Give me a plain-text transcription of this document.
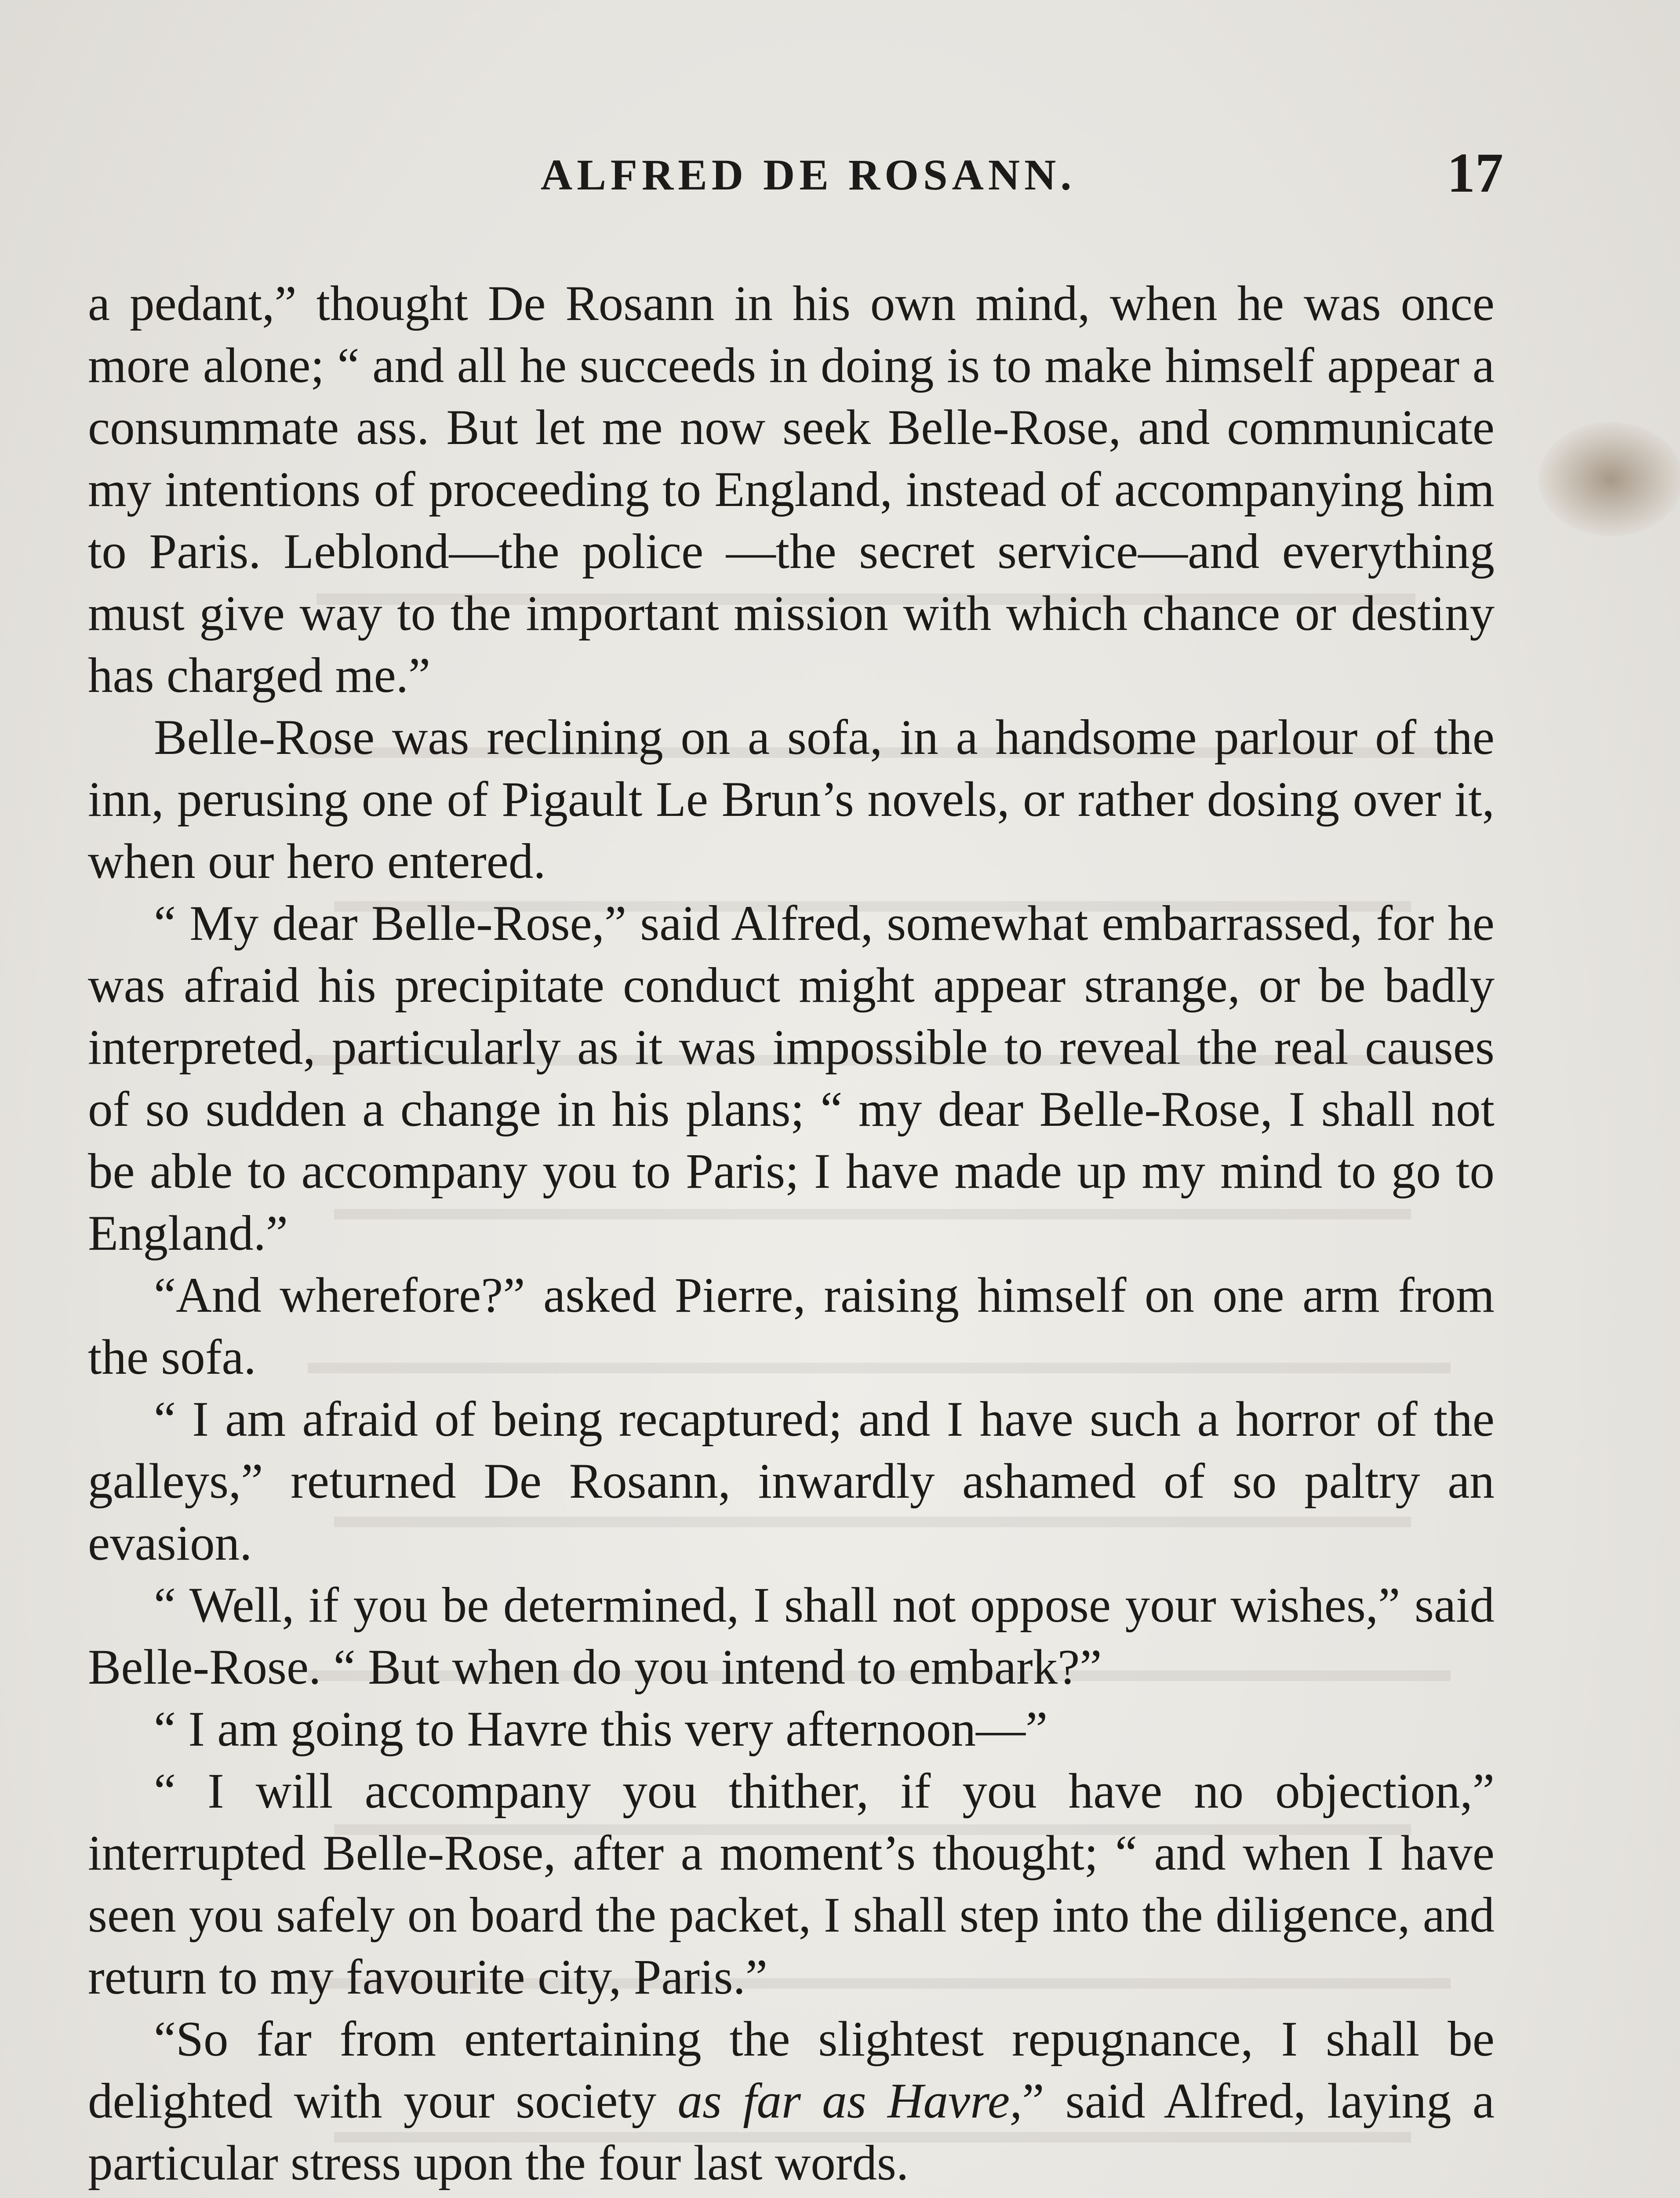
ALFRED DE ROSANN.	17

a pedant,” thought De Rosann in his own mind, when he was once more alone; “ and all he succeeds in doing is to make himself appear a consummate ass. But let me now seek Belle-Rose, and communicate my intentions of proceeding to England, instead of accompanying him to Paris. Leblond—the police —the secret service—and everything must give way to the important mission with which chance or destiny has charged me.”

Belle-Rose was reclining on a sofa, in a handsome parlour of the inn, perusing one of Pigault Le Brun’s novels, or rather dosing over it, when our hero entered.

“ My dear Belle-Rose,” said Alfred, somewhat embarrassed, for he was afraid his precipitate conduct might appear strange, or be badly interpreted, particularly as it was impossible to reveal the real causes of so sudden a change in his plans; “ my dear Belle-Rose, I shall not be able to accompany you to Paris; I have made up my mind to go to England.”

“And wherefore?” asked Pierre, raising himself on one arm from the sofa.

“ I am afraid of being recaptured; and I have such a horror of the galleys,” returned De Rosann, inwardly ashamed of so paltry an evasion.

“ Well, if you be determined, I shall not oppose your wishes,” said Belle-Rose. “ But when do you intend to embark?”

“ I am going to Havre this very afternoon—”

“ I will accompany you thither, if you have no objection,” interrupted Belle-Rose, after a moment’s thought; “ and when I have seen you safely on board the packet, I shall step into the diligence, and return to my favourite city, Paris.”

“So far from entertaining the slightest repugnance, I shall be delighted with your society as far as Havre,” said Alfred, laying a particular stress upon the four last words.
